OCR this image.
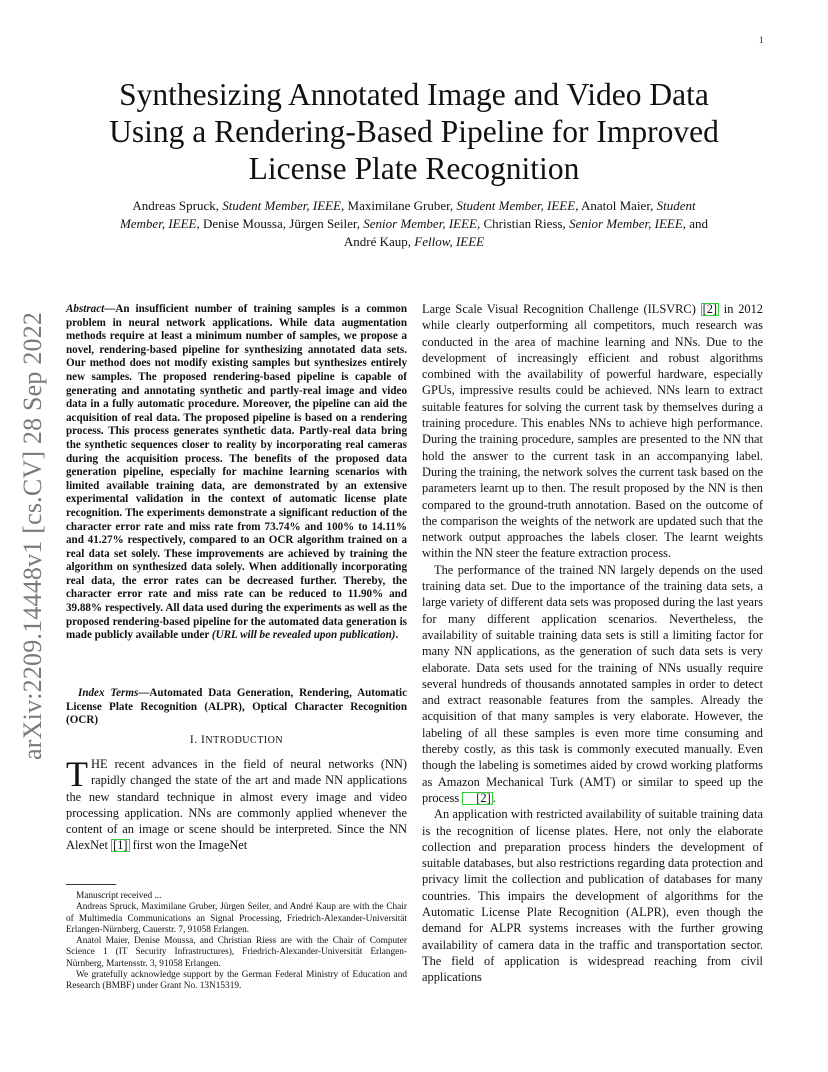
1
arXiv:2209.14448v1 [cs.CV] 28 Sep 2022
Synthesizing Annotated Image and Video Data
Using a Rendering-Based Pipeline for Improved
License Plate Recognition
Andreas Spruck, Student Member, IEEE, Maximilane Gruber, Student Member, IEEE, Anatol Maier, Student
Member, IEEE, Denise Moussa, Jürgen Seiler, Senior Member, IEEE, Christian Riess, Senior Member, IEEE, and
André Kaup, Fellow, IEEE
Abstract—An insufficient number of training samples is a common problem in neural network applications. While data augmentation methods require at least a minimum number of samples, we propose a novel, rendering-based pipeline for synthesizing annotated data sets. Our method does not modify existing samples but synthesizes entirely new samples. The proposed rendering-based pipeline is capable of generating and annotating synthetic and partly-real image and video data in a fully automatic procedure. Moreover, the pipeline can aid the acquisition of real data. The proposed pipeline is based on a rendering process. This process generates synthetic data. Partly-real data bring the synthetic sequences closer to reality by incorporating real cameras during the acquisition process. The benefits of the proposed data generation pipeline, especially for machine learning scenarios with limited available training data, are demonstrated by an extensive experimental validation in the context of automatic license plate recognition. The experiments demonstrate a significant reduction of the character error rate and miss rate from 73.74% and 100% to 14.11% and 41.27% respectively, compared to an OCR algorithm trained on a real data set solely. These improvements are achieved by training the algorithm on synthesized data solely. When additionally incorporating real data, the error rates can be decreased further. Thereby, the character error rate and miss rate can be reduced to 11.90% and 39.88% respectively. All data used during the experiments as well as the proposed rendering-based pipeline for the automated data generation is made publicly available under (URL will be revealed upon publication).
Index Terms—Automated Data Generation, Rendering, Automatic License Plate Recognition (ALPR), Optical Character Recognition (OCR)
I. INTRODUCTION
THE recent advances in the field of neural networks (NN) rapidly changed the state of the art and made NN applications the new standard technique in almost every image and video processing application. NNs are commonly applied whenever the content of an image or scene should be interpreted. Since the NN AlexNet [1] first won the ImageNet

Manuscript received ...

Andreas Spruck, Maximilane Gruber, Jürgen Seiler, and André Kaup are with the Chair of Multimedia Communications an Signal Processing, Friedrich-Alexander-Universität Erlangen-Nürnberg, Cauerstr. 7, 91058 Erlangen.

Anatol Maier, Denise Moussa, and Christian Riess are with the Chair of Computer Science 1 (IT Security Infrastructures), Friedrich-Alexander-Universität Erlangen-Nürnberg, Martensstr. 3, 91058 Erlangen.

We gratefully acknowledge support by the German Federal Ministry of Education and Research (BMBF) under Grant No. 13N15319.

Large Scale Visual Recognition Challenge (ILSVRC) [2] in 2012 while clearly outperforming all competitors, much research was conducted in the area of machine learning and NNs. Due to the development of increasingly efficient and robust algorithms combined with the availability of powerful hardware, especially GPUs, impressive results could be achieved. NNs learn to extract suitable features for solving the current task by themselves during a training procedure. This enables NNs to achieve high performance. During the training procedure, samples are presented to the NN that hold the answer to the current task in an accompanying label. During the training, the network solves the current task based on the parameters learnt up to then. The result proposed by the NN is then compared to the ground-truth annotation. Based on the outcome of the comparison the weights of the network are updated such that the network output approaches the labels closer. The learnt weights within the NN steer the feature extraction process.

The performance of the trained NN largely depends on the used training data set. Due to the importance of the training data sets, a large variety of different data sets was proposed during the last years for many different application scenarios. Nevertheless, the availability of suitable training data sets is still a limiting factor for many NN applications, as the generation of such data sets is very elaborate. Data sets used for the training of NNs usually require several hundreds of thousands annotated samples in order to detect and extract reasonable features from the samples. Already the acquisition of that many samples is very elaborate. However, the labeling of all these samples is even more time consuming and thereby costly, as this task is commonly executed manually. Even though the labeling is sometimes aided by crowd working platforms as Amazon Mechanical Turk (AMT) or similar to speed up the process [2] .

An application with restricted availability of suitable training data is the recognition of license plates. Here, not only the elaborate collection and preparation process hinders the development of suitable databases, but also restrictions regarding data protection and privacy limit the collection and publication of databases for many countries. This impairs the development of algorithms for the Automatic License Plate Recognition (ALPR), even though the demand for ALPR systems increases with the further growing availability of camera data in the traffic and transportation sector. The field of application is widespread reaching from civil applications
